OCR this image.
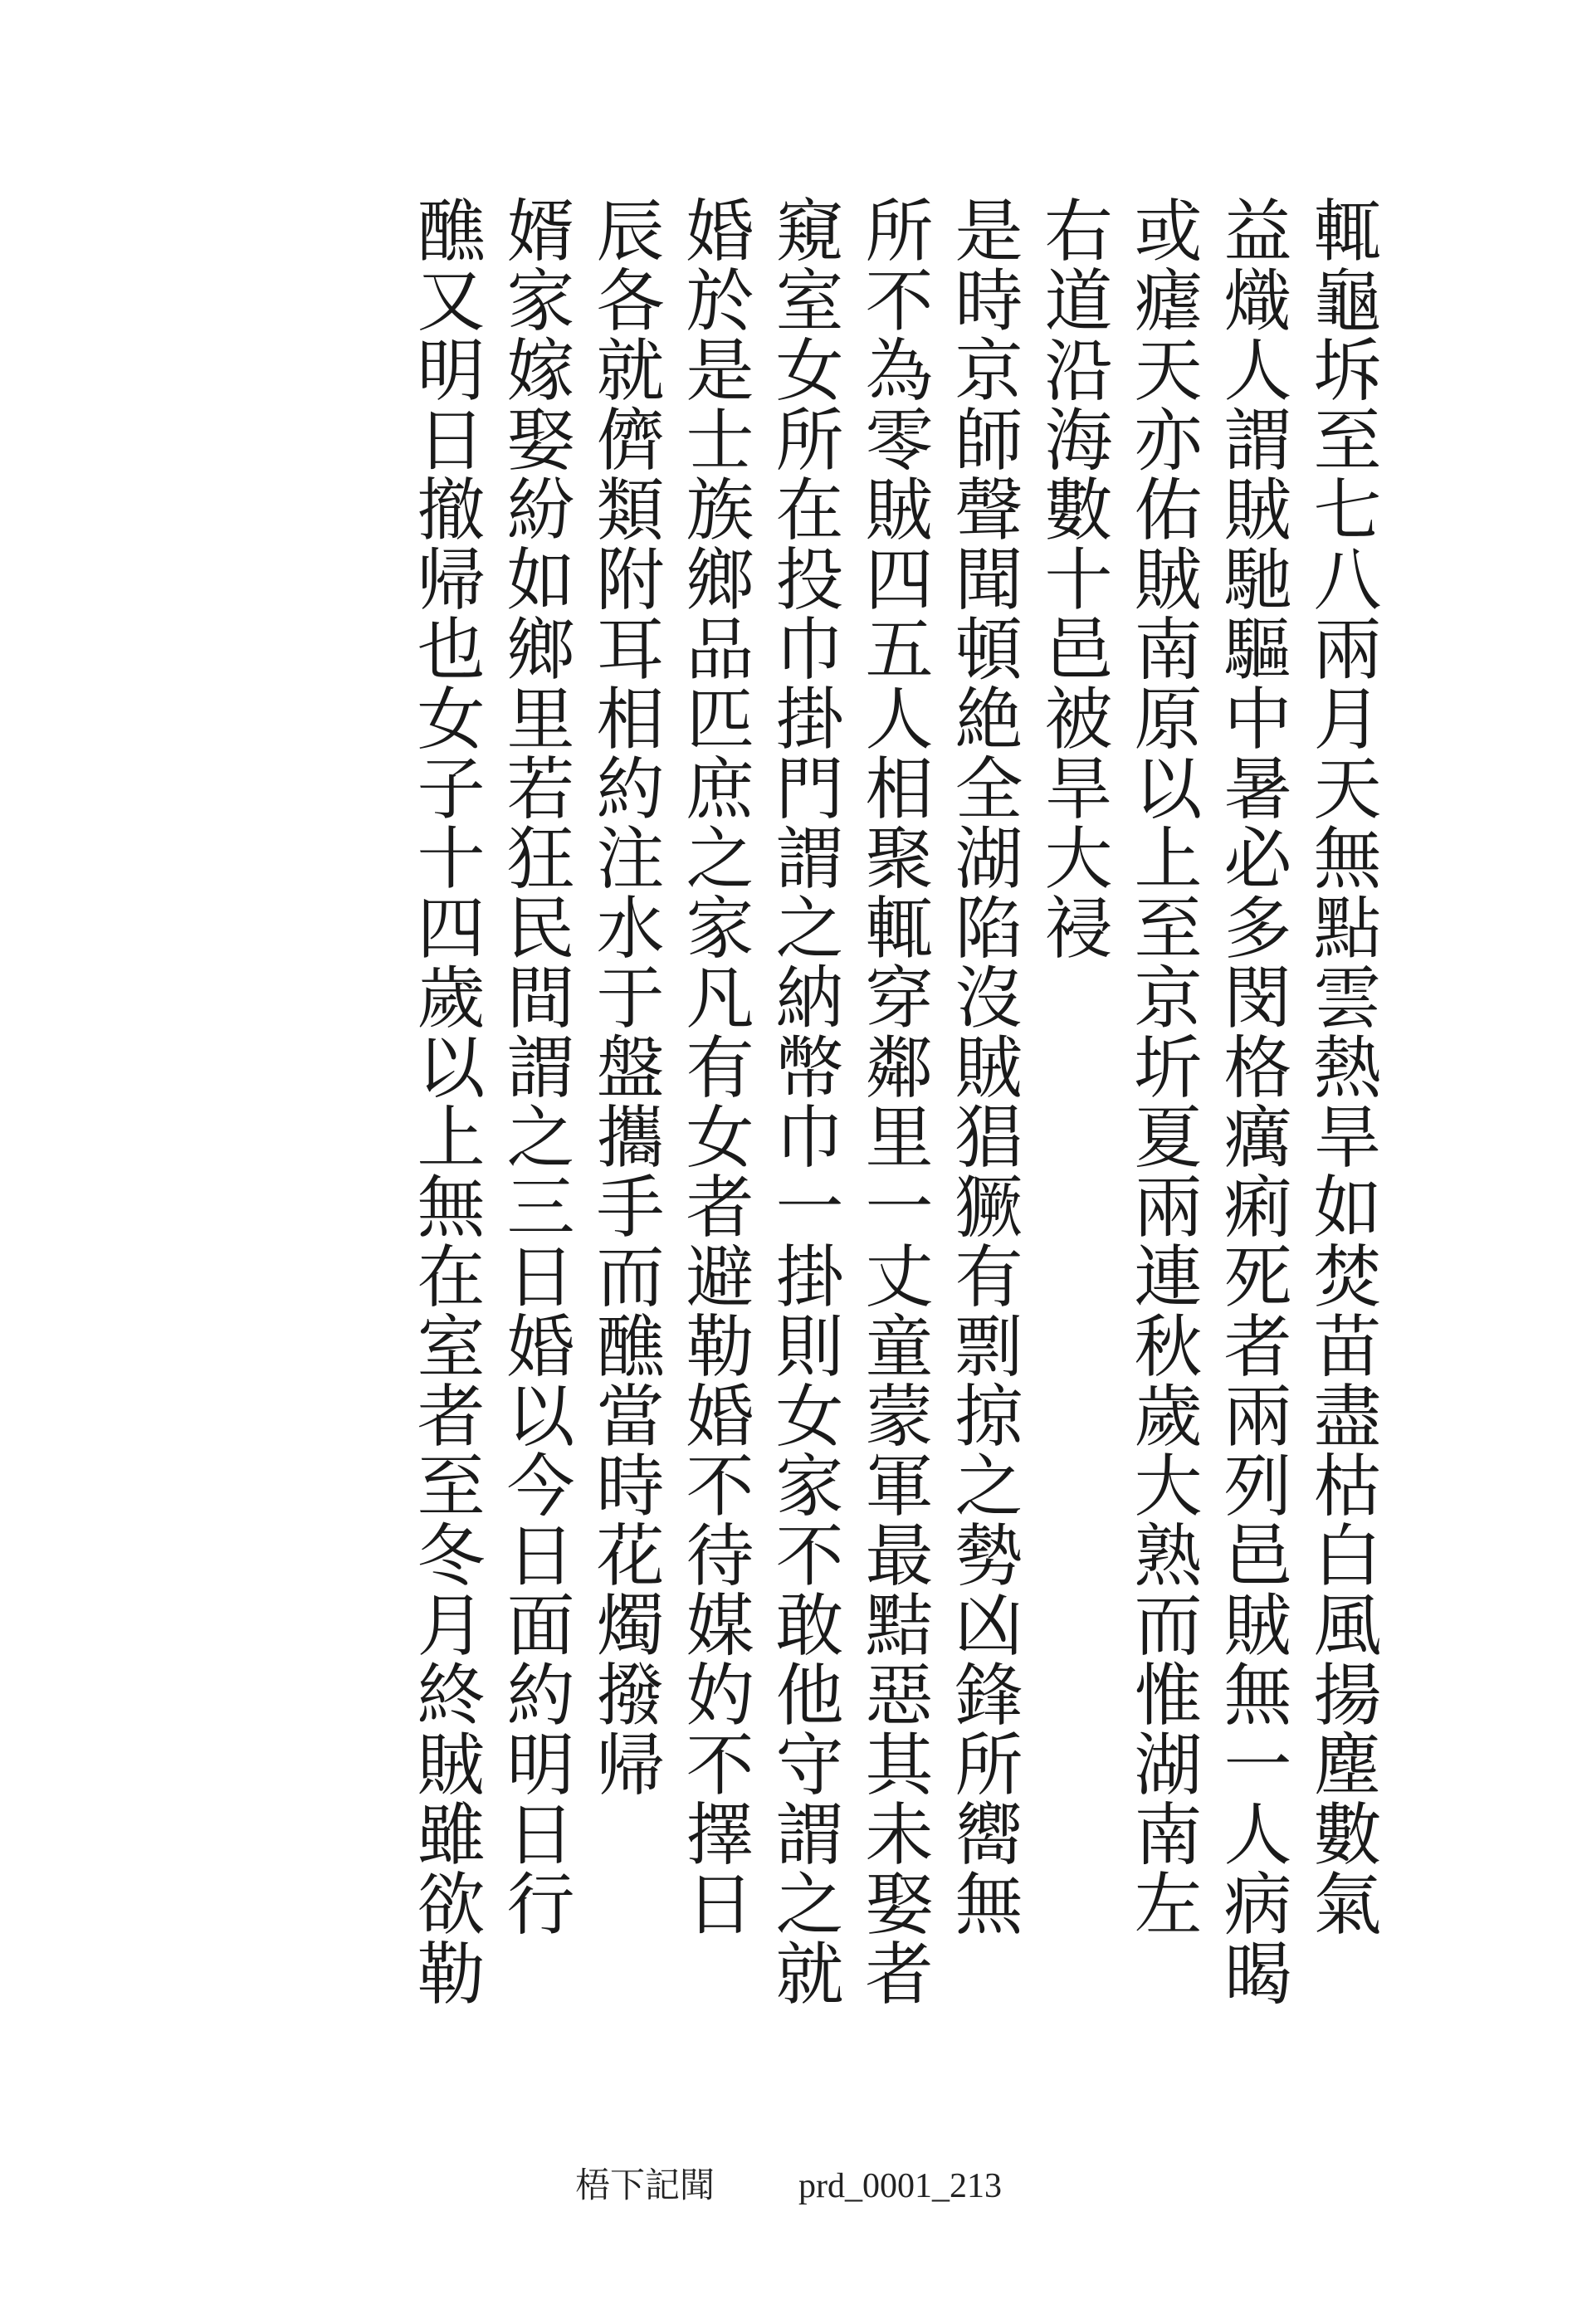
輒龜坼至七八兩月天無點雲熱旱如焚苗盡枯白風揚塵數氣
益熾人謂賊馳驅中暑必多閔格癘痢死者兩列邑賊無一人病暍
或瘧天亦佑賊南原以上至京圻夏兩連秋歲大熟而惟湖南左
右道沿海數十邑被旱大祲
是時京師聲聞頓絶全湖陷沒賊猖獗有剽掠之勢凶鋒所嚮無
所不為零賊四五人相聚輒穿鄰里一丈童蒙軍最黠惡其未娶者
窺室女所在投巾掛門謂之納幣巾一掛則女家不敢他守謂之就
婚於是士族鄉品匹庶之家凡有女者避勒婚不待媒妁不擇日
辰各就儕類附耳相約注水于盤攜手而醮當時花燭撥帰
婿家嫁娶紛如鄉里若狂民間謂之三日婚以今日面約明日行
醮又明日撤帰也女子十四歲以上無在室者至冬月終賊雖欲勒
梧下記聞 prd_0001_213
